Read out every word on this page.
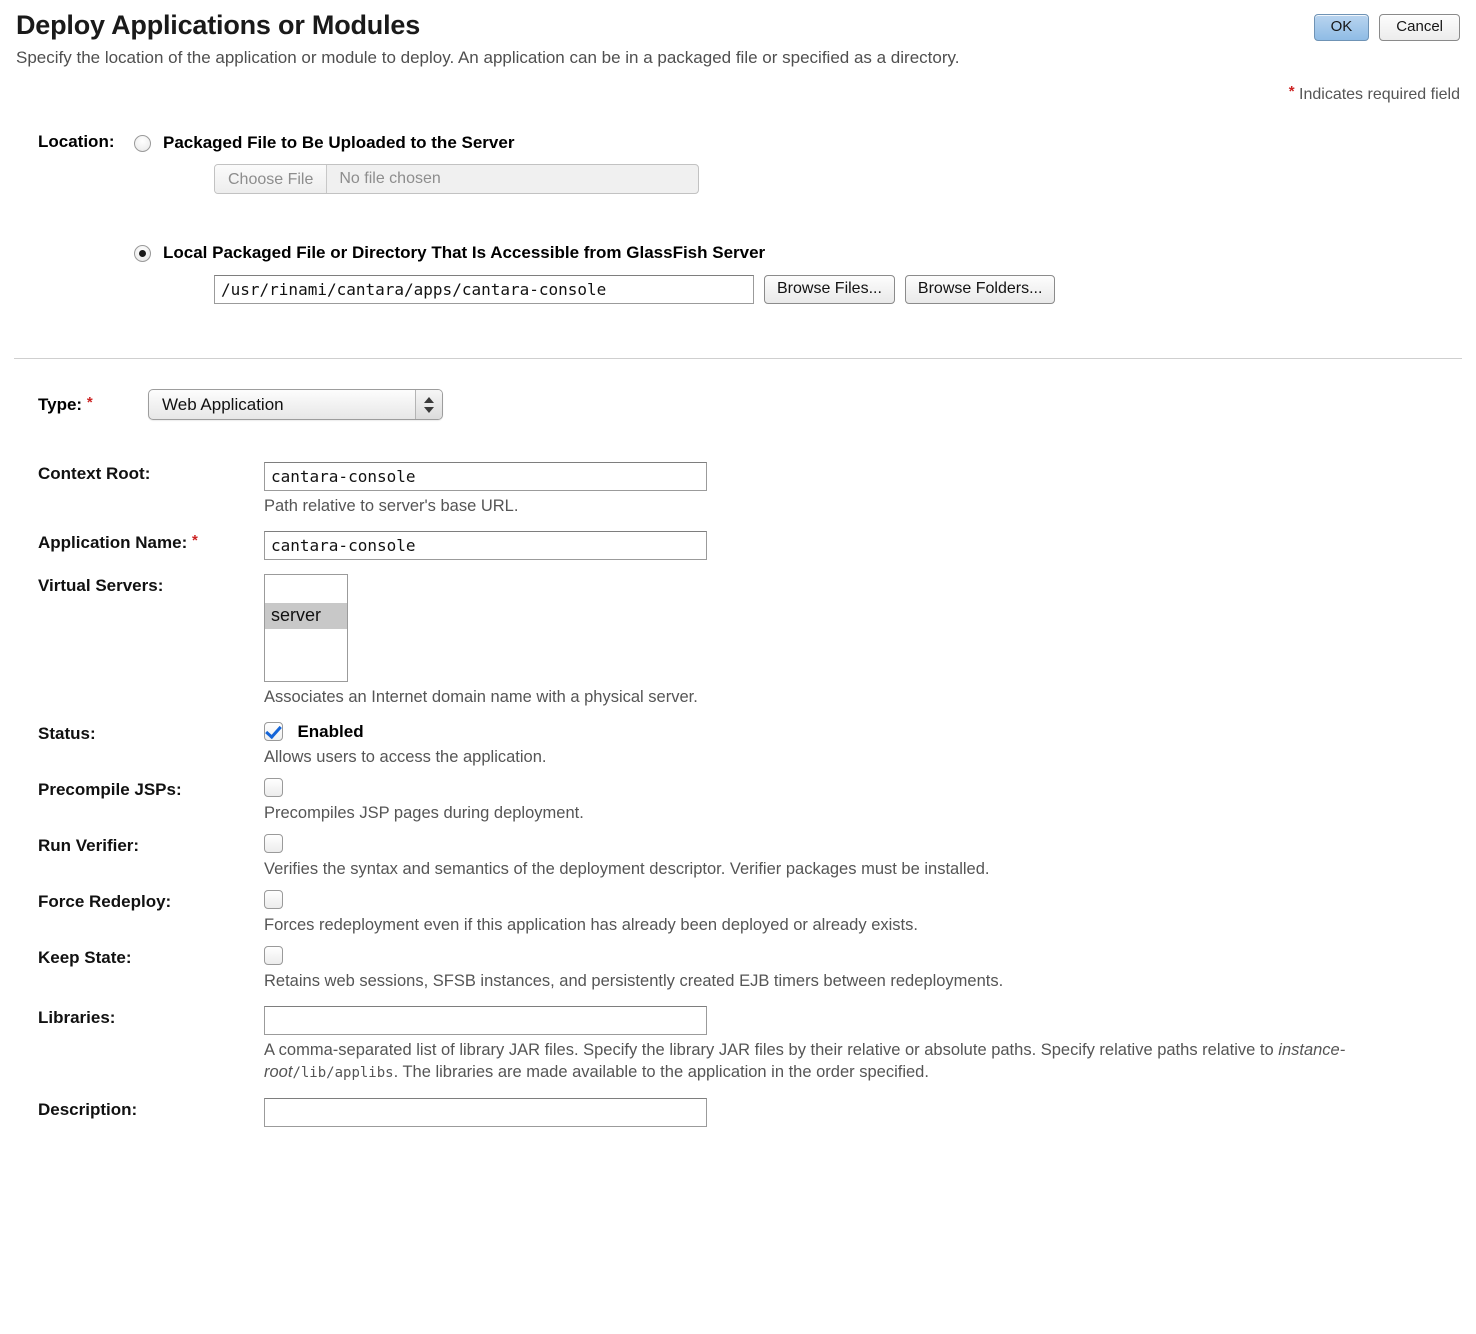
Deploy Applications or Modules
Specify the location of the application or module to deploy. An application can be in a packaged file or specified as a directory.
OK	Cancel
* Indicates required field
Location:	Packaged File to Be Uploaded to the Server
Choose File	No file chosen
Local Packaged File or Directory That Is Accessible from GlassFish Server
/usr/rinami/cantara/apps/cantara-console
Browse Files...	Browse Folders...
Type: *	Web Application
Context Root:
cantara-console
Path relative to server's base URL.
Application Name: *
cantara-console
Virtual Servers:
server
Associates an Internet domain name with a physical server.
Status:	Enabled
Allows users to access the application.
Precompile JSPs:
Precompiles JSP pages during deployment.
Run Verifier:
Verifies the syntax and semantics of the deployment descriptor. Verifier packages must be installed.
Force Redeploy:
Forces redeployment even if this application has already been deployed or already exists.
Keep State:
Retains web sessions, SFSB instances, and persistently created EJB timers between redeployments.
Libraries:
A comma-separated list of library JAR files. Specify the library JAR files by their relative or absolute paths. Specify relative paths relative to instance-root/lib/applibs. The libraries are made available to the application in the order specified.
Description:
